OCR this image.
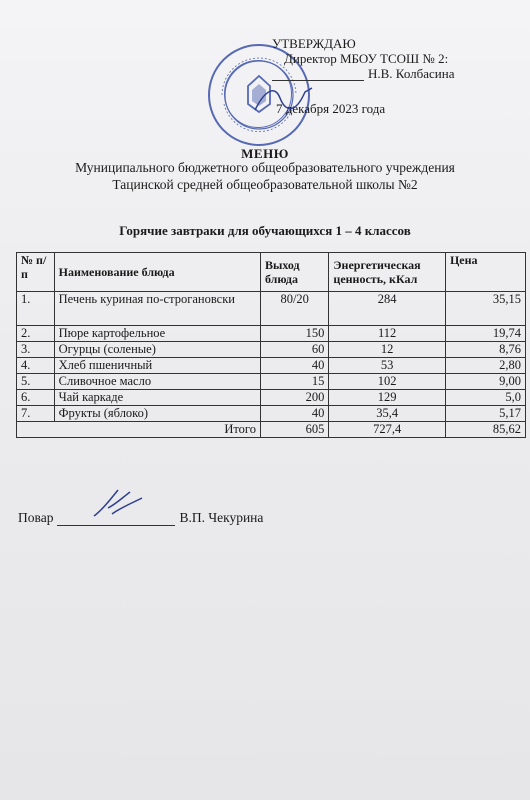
УТВЕРЖДАЮ
Директор МБОУ ТСОШ № 2:
Н.В. Колбасина
7 декабря 2023 года
МЕНЮ
Муниципального бюджетного общеобразовательного учреждения
Тацинской средней общеобразовательной школы №2
Горячие завтраки для обучающихся 1 – 4 классов
№ п/п	Наименование блюда	Выход блюда	Энергетическая ценность, кКал	Цена
1.	Печень куриная по-строгановски	80/20	284	35,15
2.	Пюре картофельное	150	112	19,74
3.	Огурцы (соленые)	60	12	8,76
4.	Хлеб пшеничный	40	53	2,80
5.	Сливочное масло	15	102	9,00
6.	Чай каркаде	200	129	5,0
7.	Фрукты (яблоко)	40	35,4	5,17
Итого		605	727,4	85,62
Повар	В.П. Чекурина
